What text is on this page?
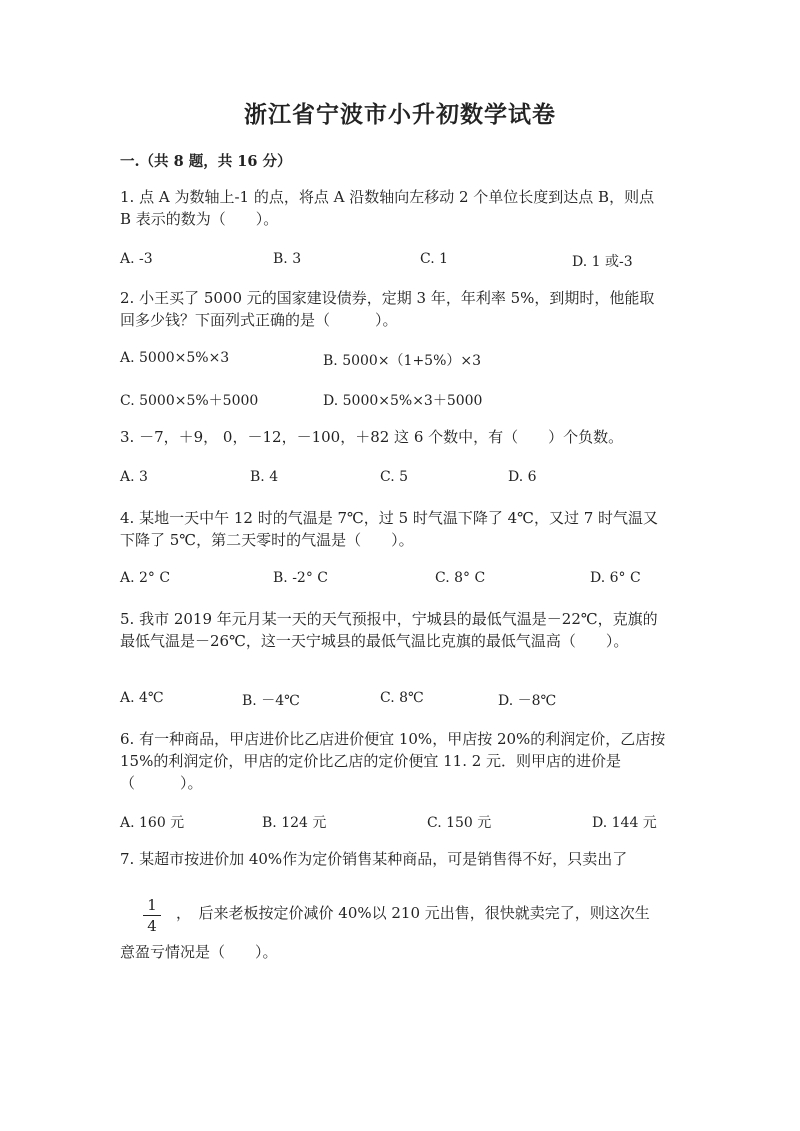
浙江省宁波市小升初数学试卷
一.（共 8 题，共 16 分）
1. 点 A 为数轴上-1 的点，将点 A 沿数轴向左移动 2 个单位长度到达点 B，则点
B 表示的数为（　　）。
A. -3	B. 3	C. 1	D. 1 或-3
2. 小王买了 5000 元的国家建设债券，定期 3 年，年利率 5%，到期时，他能取
回多少钱？下面列式正确的是（　　　）。
A. 5000×5%×3	B. 5000×（1+5%）×3
C. 5000×5%＋5000	D. 5000×5%×3＋5000
3. －7，＋9， 0，－12，－100，＋82 这 6 个数中，有（　　）个负数。
A. 3	B. 4	C. 5	D. 6
4. 某地一天中午 12 时的气温是 7℃，过 5 时气温下降了 4℃，又过 7 时气温又
下降了 5℃，第二天零时的气温是（　　）。
A. 2° C	B. -2° C	C. 8° C	D. 6° C
5. 我市 2019 年元月某一天的天气预报中，宁城县的最低气温是－22℃，克旗的
最低气温是－26℃，这一天宁城县的最低气温比克旗的最低气温高（　　）。
A. 4℃	B. －4℃	C. 8℃	D. －8℃
6. 有一种商品，甲店进价比乙店进价便宜 10%，甲店按 20%的利润定价，乙店按
15%的利润定价，甲店的定价比乙店的定价便宜 11. 2 元．则甲店的进价是
（　　　）。
A. 160 元	B. 124 元	C. 150 元	D. 144 元
7. 某超市按进价加 40%作为定价销售某种商品，可是销售得不好，只卖出了
1
4
，　后来老板按定价减价 40%以 210 元出售，很快就卖完了，则这次生
意盈亏情况是（　　）。
